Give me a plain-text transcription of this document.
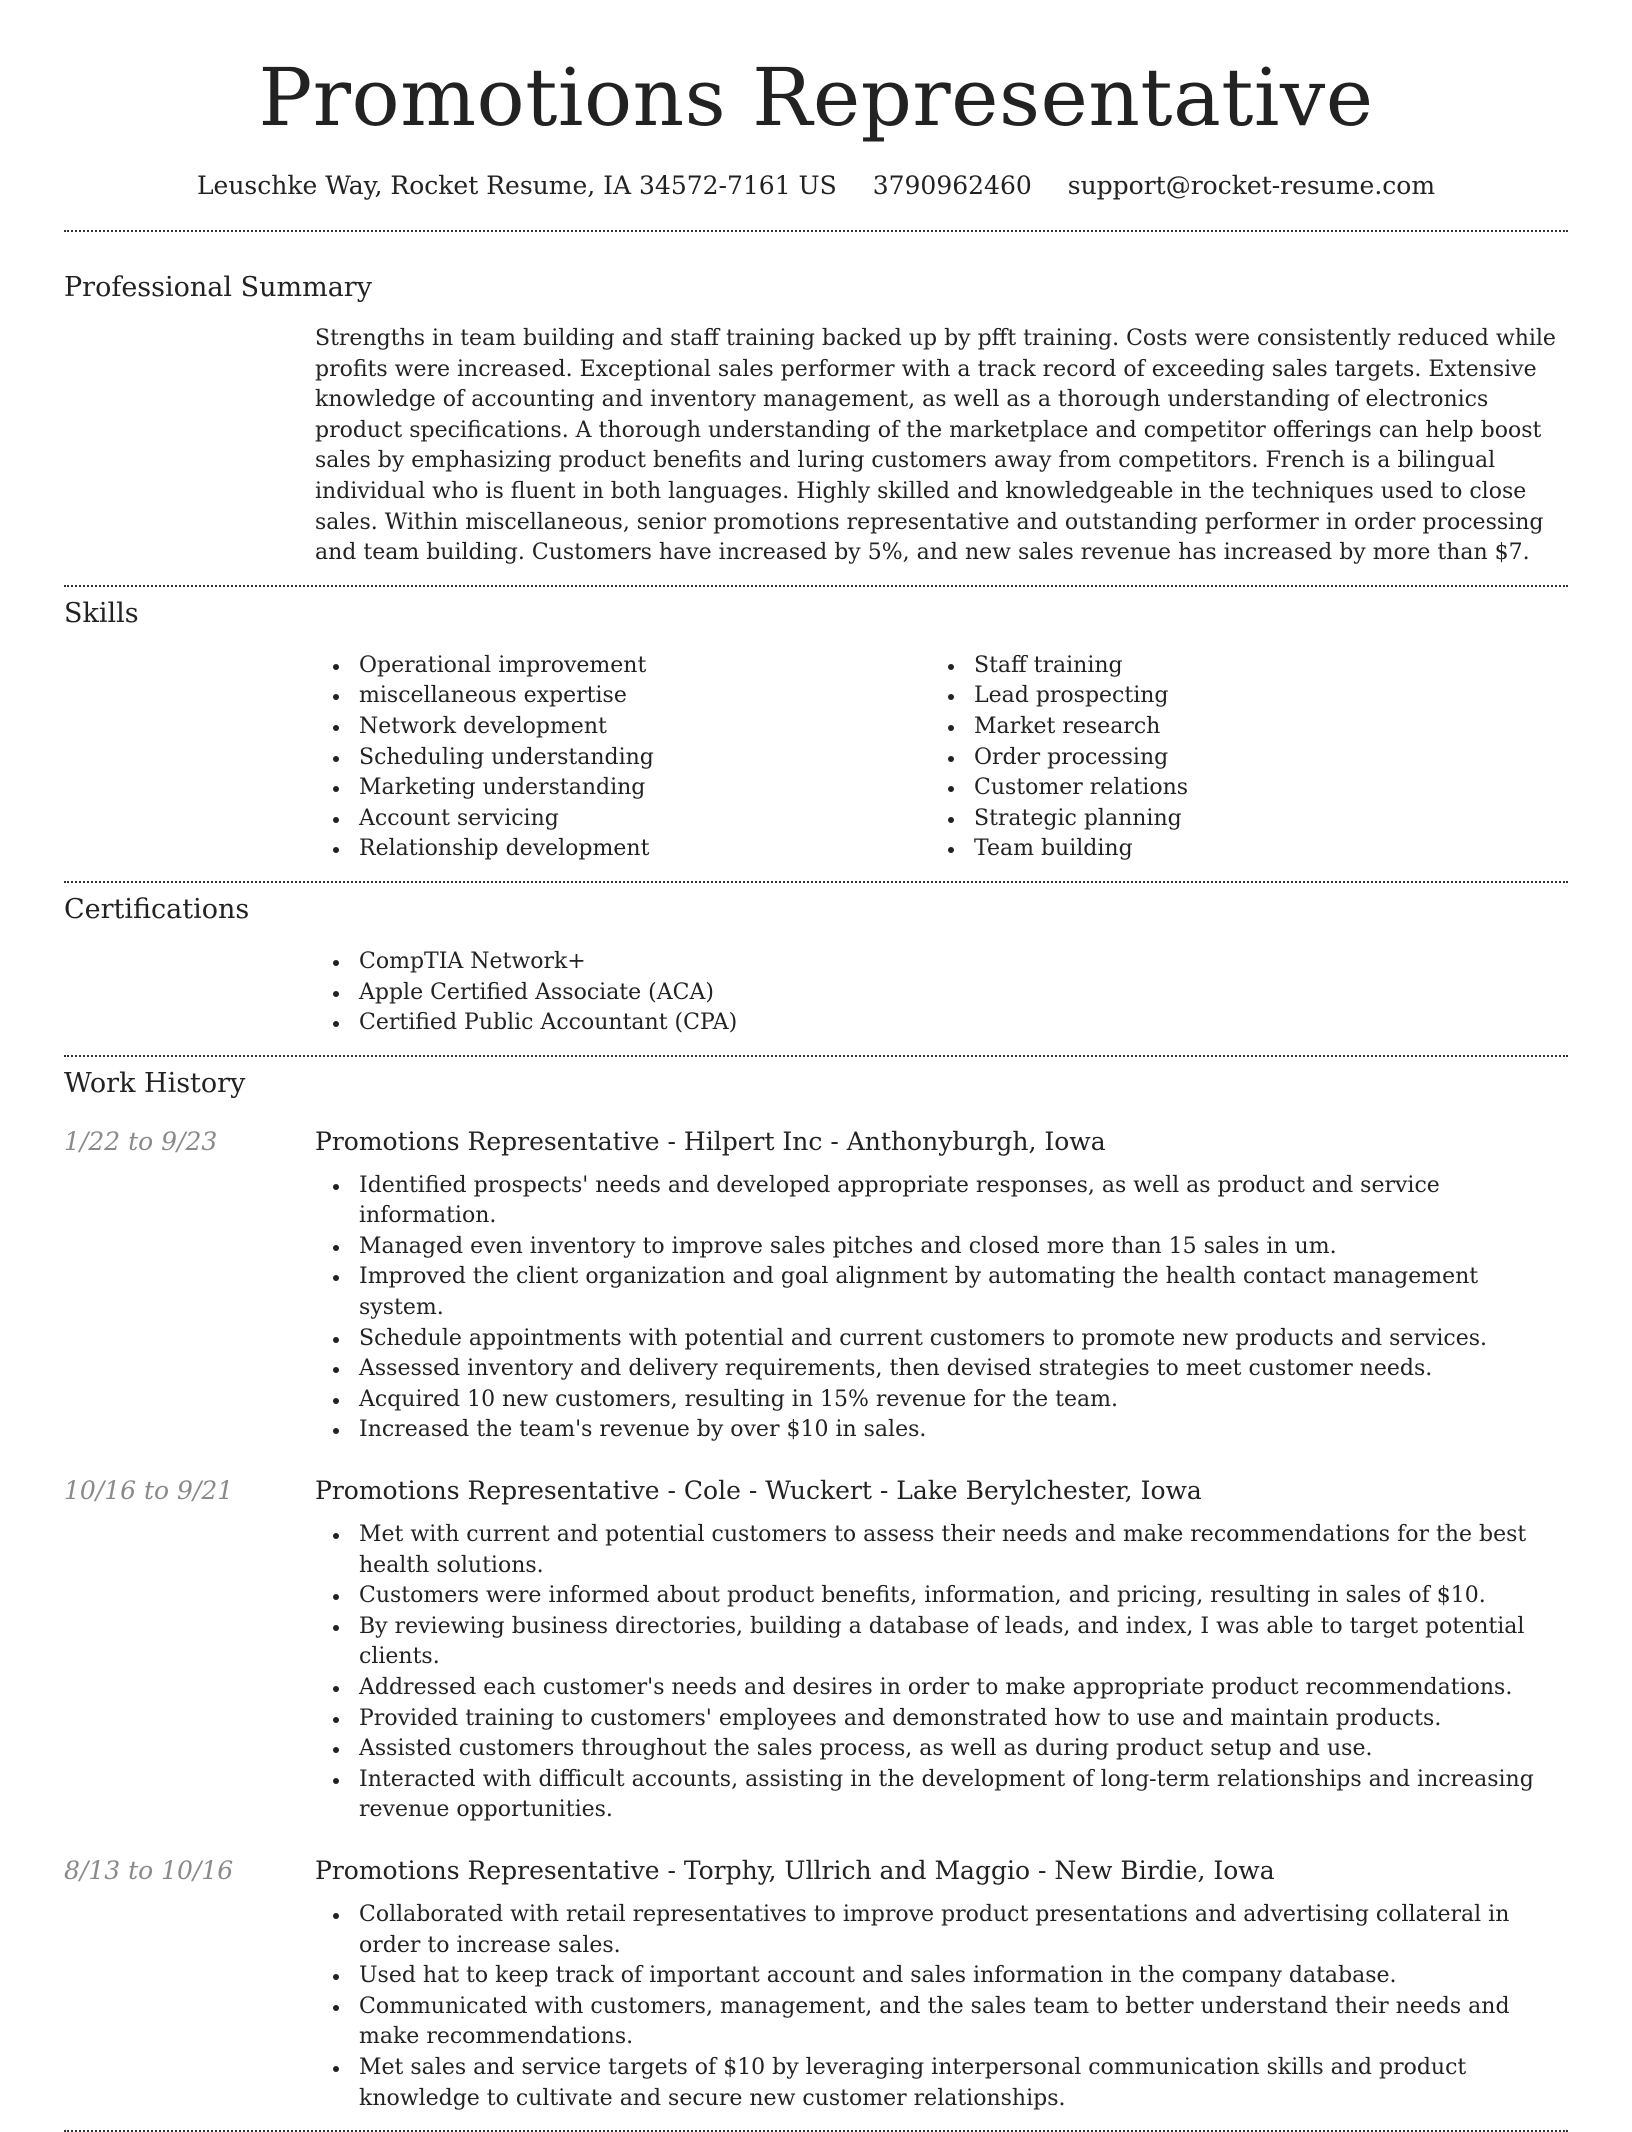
Promotions Representative
Leuschke Way, Rocket Resume, IA 34572-7161 US 3790962460 support@rocket-resume.com
Professional Summary

Strengths in team building and staff training backed up by pfft training. Costs were consistently reduced while profits were increased. Exceptional sales performer with a track record of exceeding sales targets. Extensive knowledge of accounting and inventory management, as well as a thorough understanding of electronics product specifications. A thorough understanding of the marketplace and competitor offerings can help boost sales by emphasizing product benefits and luring customers away from competitors. French is a bilingual individual who is fluent in both languages. Highly skilled and knowledgeable in the techniques used to close sales. Within miscellaneous, senior promotions representative and outstanding performer in order processing and team building. Customers have increased by 5%, and new sales revenue has increased by more than $7.

Skills
Operational improvement
miscellaneous expertise
Network development
Scheduling understanding
Marketing understanding
Account servicing
Relationship development
Staff training
Lead prospecting
Market research
Order processing
Customer relations
Strategic planning
Team building
Certifications
CompTIA Network+
Apple Certified Associate (ACA)
Certified Public Accountant (CPA)
Work History
1/22 to 9/23	Promotions Representative - Hilpert Inc - Anthonyburgh, Iowa
Identified prospects' needs and developed appropriate responses, as well as product and service information.
Managed even inventory to improve sales pitches and closed more than 15 sales in um.
Improved the client organization and goal alignment by automating the health contact management system.
Schedule appointments with potential and current customers to promote new products and services.
Assessed inventory and delivery requirements, then devised strategies to meet customer needs.
Acquired 10 new customers, resulting in 15% revenue for the team.
Increased the team's revenue by over $10 in sales.
10/16 to 9/21	Promotions Representative - Cole - Wuckert - Lake Berylchester, Iowa
Met with current and potential customers to assess their needs and make recommendations for the best health solutions.
Customers were informed about product benefits, information, and pricing, resulting in sales of $10.
By reviewing business directories, building a database of leads, and index, I was able to target potential clients.
Addressed each customer's needs and desires in order to make appropriate product recommendations.
Provided training to customers' employees and demonstrated how to use and maintain products.
Assisted customers throughout the sales process, as well as during product setup and use.
Interacted with difficult accounts, assisting in the development of long-term relationships and increasing revenue opportunities.
8/13 to 10/16	Promotions Representative - Torphy, Ullrich and Maggio - New Birdie, Iowa
Collaborated with retail representatives to improve product presentations and advertising collateral in order to increase sales.
Used hat to keep track of important account and sales information in the company database.
Communicated with customers, management, and the sales team to better understand their needs and make recommendations.
Met sales and service targets of $10 by leveraging interpersonal communication skills and product knowledge to cultivate and secure new customer relationships.
